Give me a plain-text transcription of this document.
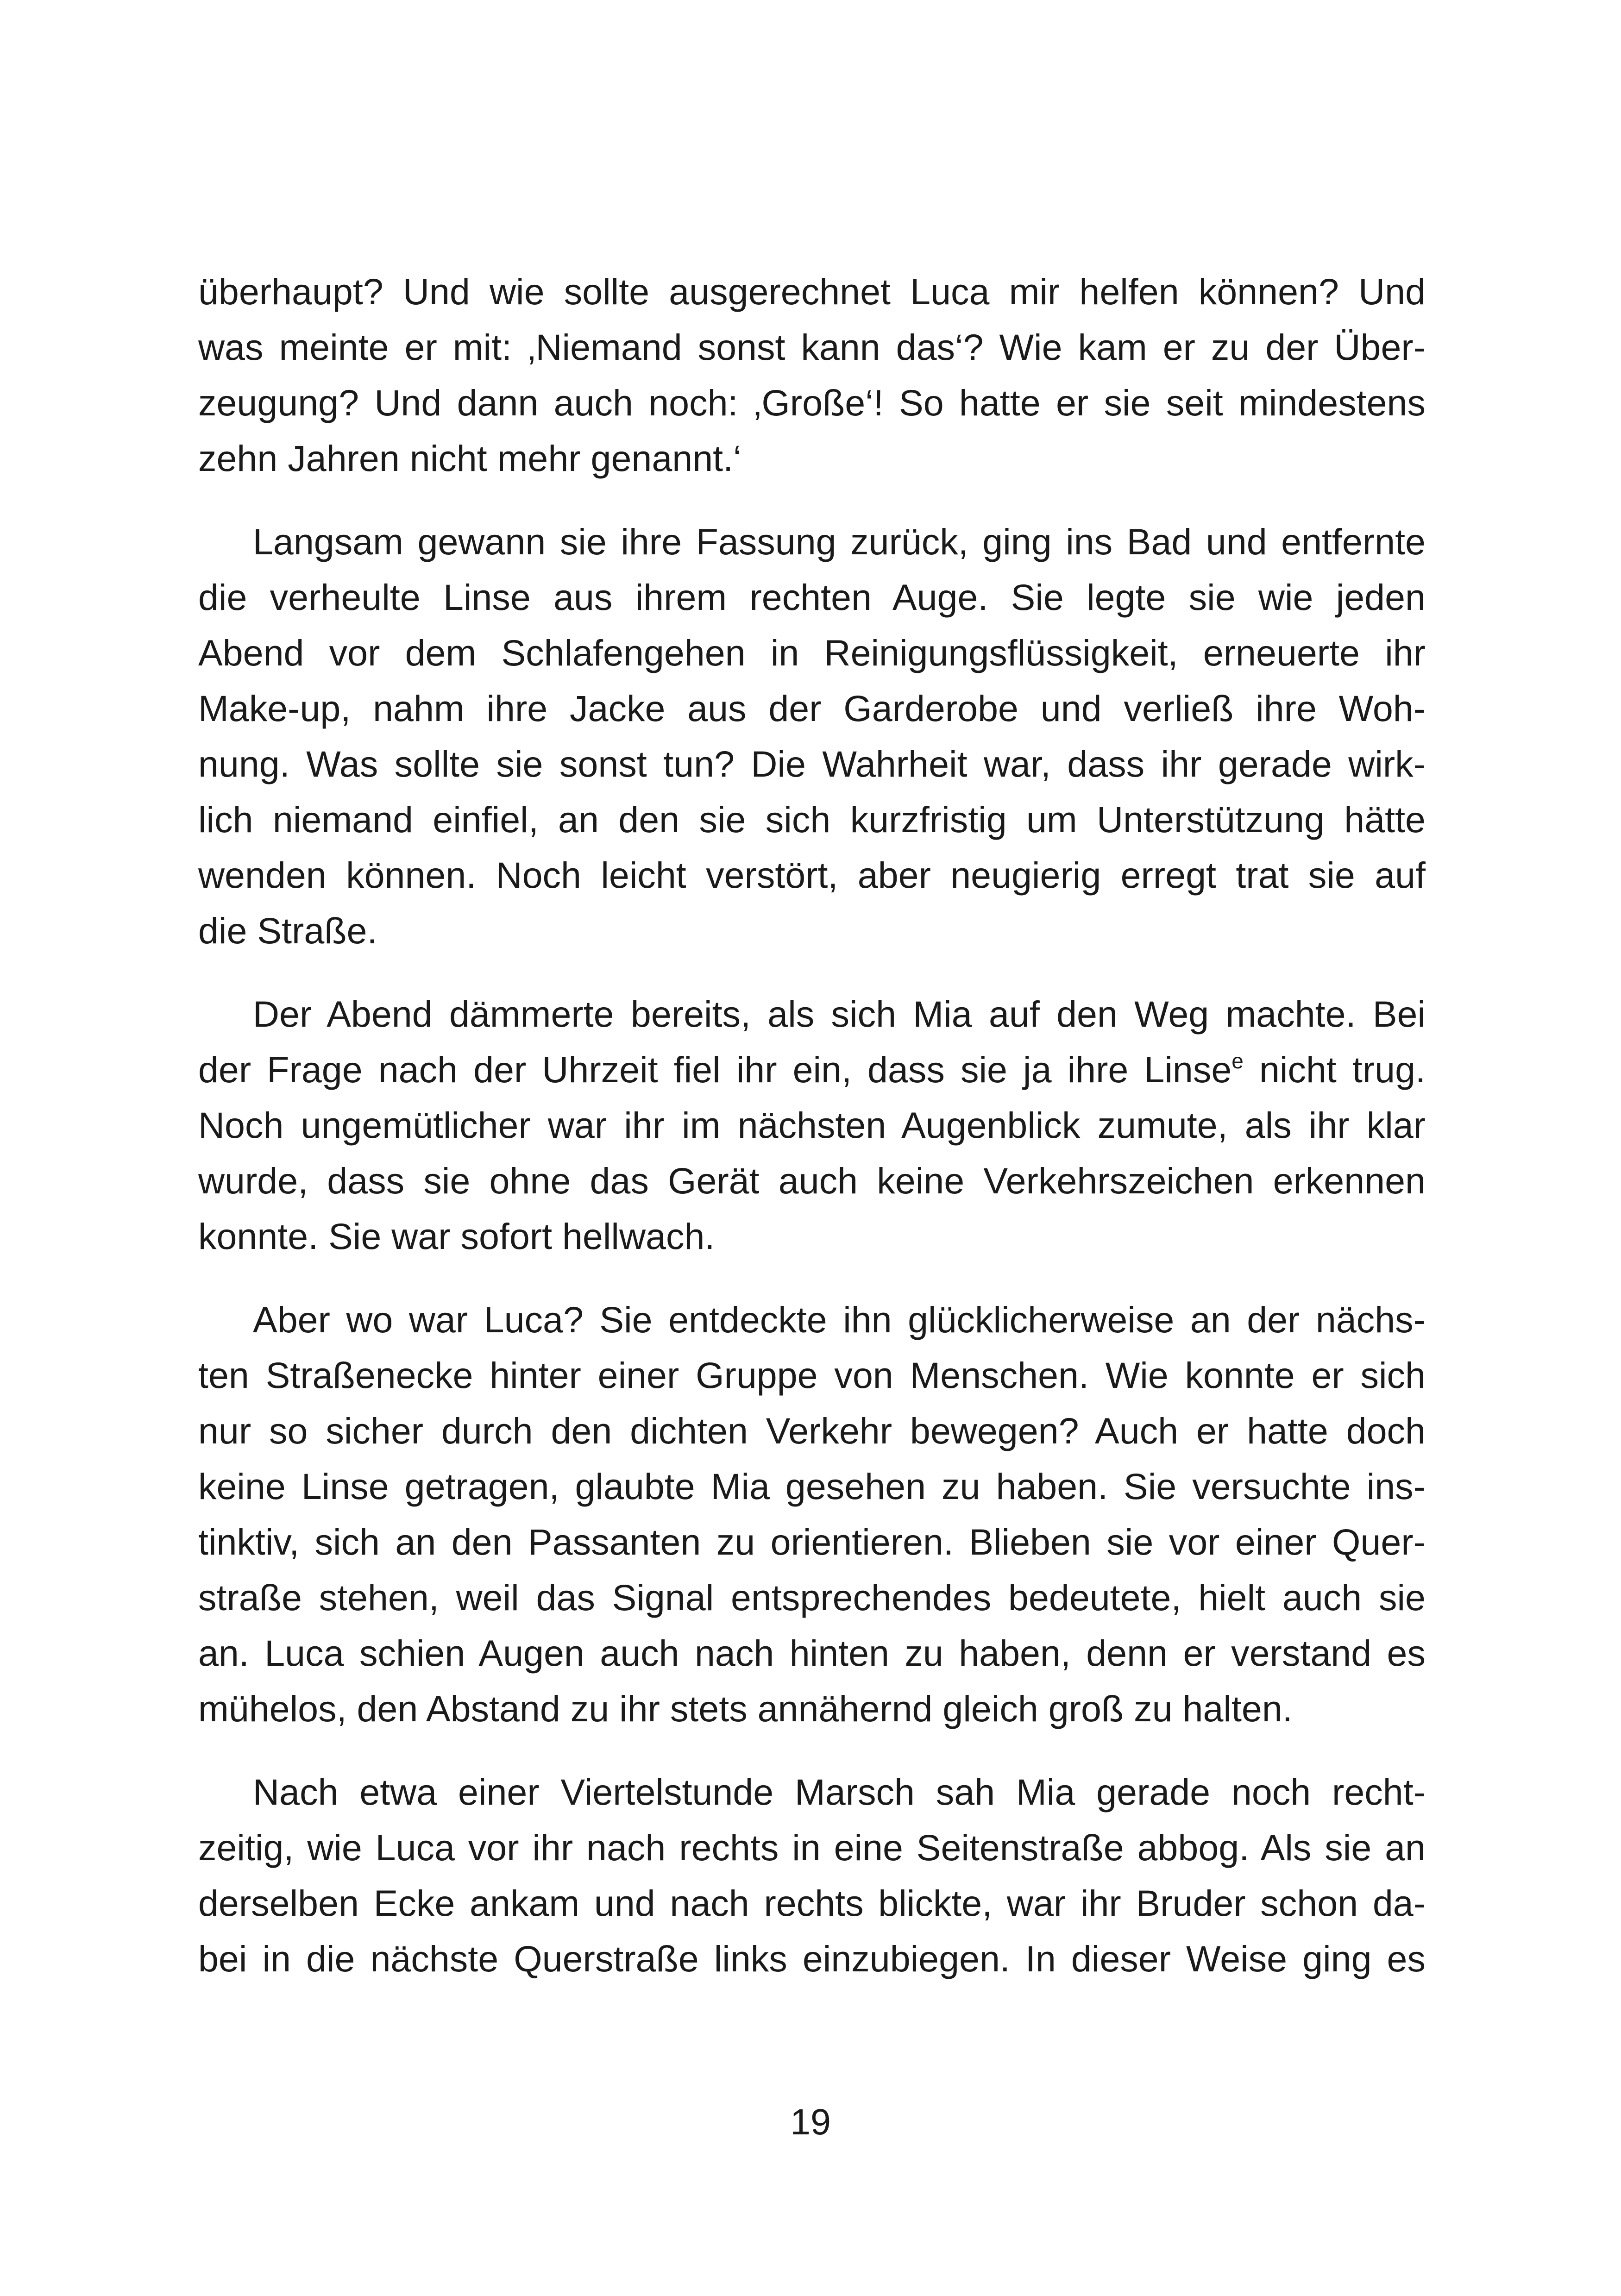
überhaupt? Und wie sollte ausgerechnet Luca mir helfen können? Und
was meinte er mit: ‚Niemand sonst kann das‘? Wie kam er zu der Über-
zeugung? Und dann auch noch: ‚Große‘! So hatte er sie seit mindestens
zehn Jahren nicht mehr genannt.‘

Langsam gewann sie ihre Fassung zurück, ging ins Bad und entfernte
die verheulte Linse aus ihrem rechten Auge. Sie legte sie wie jeden
Abend vor dem Schlafengehen in Reinigungsflüssigkeit, erneuerte ihr
Make-up, nahm ihre Jacke aus der Garderobe und verließ ihre Woh-
nung. Was sollte sie sonst tun? Die Wahrheit war, dass ihr gerade wirk-
lich niemand einfiel, an den sie sich kurzfristig um Unterstützung hätte
wenden können. Noch leicht verstört, aber neugierig erregt trat sie auf
die Straße.

Der Abend dämmerte bereits, als sich Mia auf den Weg machte. Bei
der Frage nach der Uhrzeit fiel ihr ein, dass sie ja ihre Linse$^e$ nicht trug.
Noch ungemütlicher war ihr im nächsten Augenblick zumute, als ihr klar
wurde, dass sie ohne das Gerät auch keine Verkehrszeichen erkennen
konnte. Sie war sofort hellwach.

Aber wo war Luca? Sie entdeckte ihn glücklicherweise an der nächs-
ten Straßenecke hinter einer Gruppe von Menschen. Wie konnte er sich
nur so sicher durch den dichten Verkehr bewegen? Auch er hatte doch
keine Linse getragen, glaubte Mia gesehen zu haben. Sie versuchte ins-
tinktiv, sich an den Passanten zu orientieren. Blieben sie vor einer Quer-
straße stehen, weil das Signal entsprechendes bedeutete, hielt auch sie
an. Luca schien Augen auch nach hinten zu haben, denn er verstand es
mühelos, den Abstand zu ihr stets annähernd gleich groß zu halten.

Nach etwa einer Viertelstunde Marsch sah Mia gerade noch recht-
zeitig, wie Luca vor ihr nach rechts in eine Seitenstraße abbog. Als sie an
derselben Ecke ankam und nach rechts blickte, war ihr Bruder schon da-
bei in die nächste Querstraße links einzubiegen. In dieser Weise ging es

19
